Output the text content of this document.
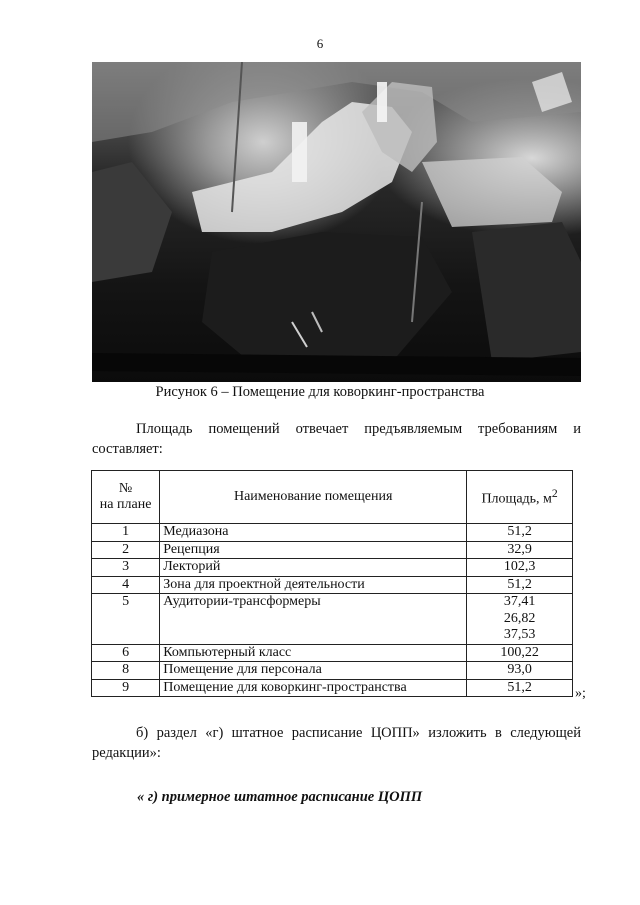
6
Рисунок 6 – Помещение для коворкинг-пространства
Площадь помещений отвечает предъявляемым требованиям и составляет:
№
на плане	Наименование помещения	Площадь, $м^2$
1	Медиазона	51,2

2	Рецепция	32,9

3	Лекторий	102,3

4	Зона для проектной деятельности	51,2

5	Аудитории-трансформеры	37,41
26,82
37,53

6	Компьютерный класс	100,22

8	Помещение для персонала	93,0

9	Помещение для коворкинг-пространства	51,2	»;
б) раздел «г) штатное расписание ЦОПП» изложить в следующей редакции»:
« г) примерное штатное расписание ЦОПП
